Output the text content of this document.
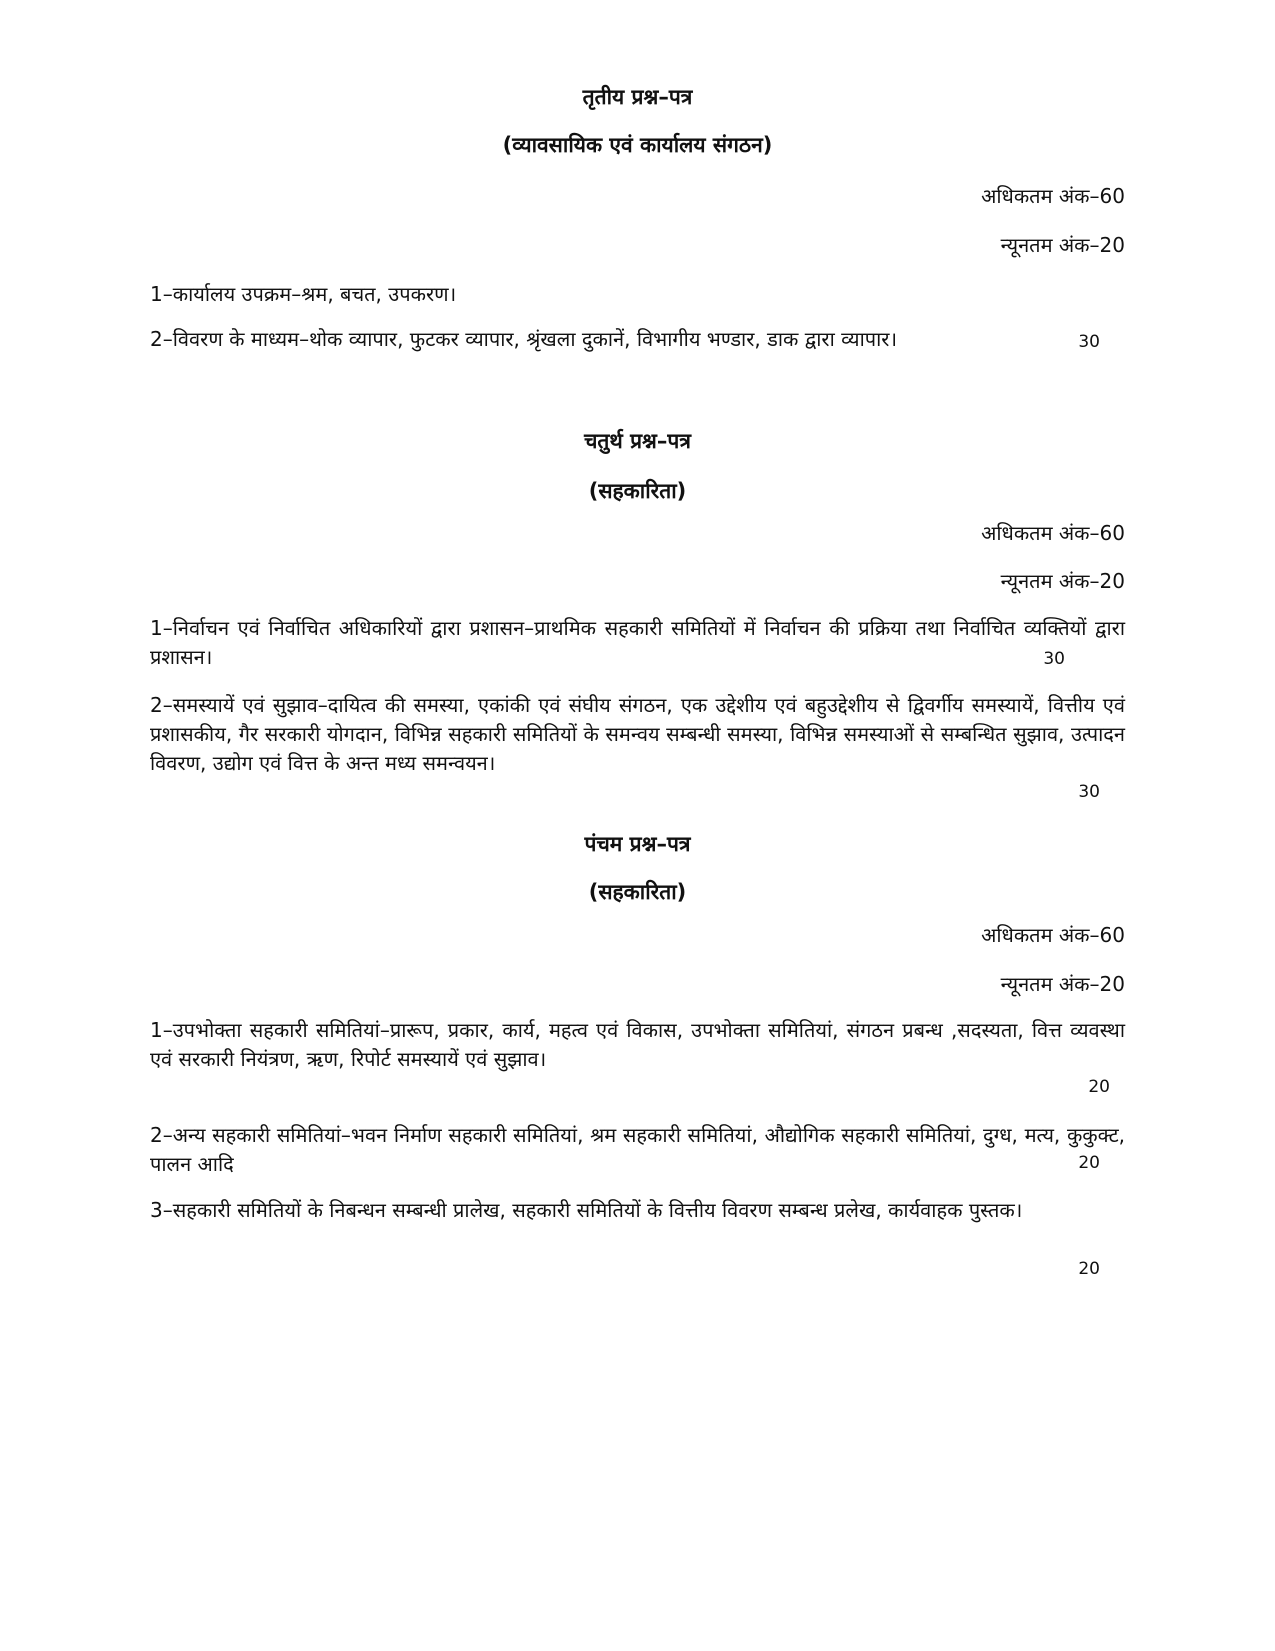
तृतीय प्रश्न–पत्र
(व्यावसायिक एवं कार्यालय संगठन)
अधिकतम अंक–60
न्यूनतम अंक–20
1–कार्यालय उपक्रम–श्रम, बचत, उपकरण।
2–विवरण के माध्यम–थोक व्यापार, फुटकर व्यापार, श्रृंखला दुकानें, विभागीय भण्डार, डाक द्वारा व्यापार।	30
चतुर्थ प्रश्न–पत्र
(सहकारिता)
अधिकतम अंक–60
न्यूनतम अंक–20
1–निर्वाचन एवं निर्वाचित अधिकारियों द्वारा प्रशासन–प्राथमिक सहकारी समितियों में निर्वाचन की प्रक्रिया तथा निर्वाचित व्यक्तियों द्वारा प्रशासन।	30
2–समस्यायें एवं सुझाव–दायित्व की समस्या, एकांकी एवं संघीय संगठन, एक उद्देशीय एवं बहुउद्देशीय से द्विवर्गीय समस्यायें, वित्तीय एवं प्रशासकीय, गैर सरकारी योगदान, विभिन्न सहकारी समितियों के समन्वय सम्बन्धी समस्या, विभिन्न समस्याओं से सम्बन्धित सुझाव, उत्पादन विवरण, उद्योग एवं वित्त के अन्त मध्य समन्वयन।
30
पंचम प्रश्न–पत्र
(सहकारिता)
अधिकतम अंक–60
न्यूनतम अंक–20
1–उपभोक्ता सहकारी समितियां–प्रारूप, प्रकार, कार्य, महत्व एवं विकास, उपभोक्ता समितियां, संगठन प्रबन्ध ,सदस्यता, वित्त व्यवस्था एवं सरकारी नियंत्रण, ऋण, रिपोर्ट समस्यायें एवं सुझाव।
20
2–अन्य सहकारी समितियां–भवन निर्माण सहकारी समितियां, श्रम सहकारी समितियां, औद्योगिक सहकारी समितियां, दुग्ध, मत्य, कुकुक्ट, पालन आदि	20
3–सहकारी समितियों के निबन्धन सम्बन्धी प्रालेख, सहकारी समितियों के वित्तीय विवरण सम्बन्ध प्रलेख, कार्यवाहक पुस्तक।
20
